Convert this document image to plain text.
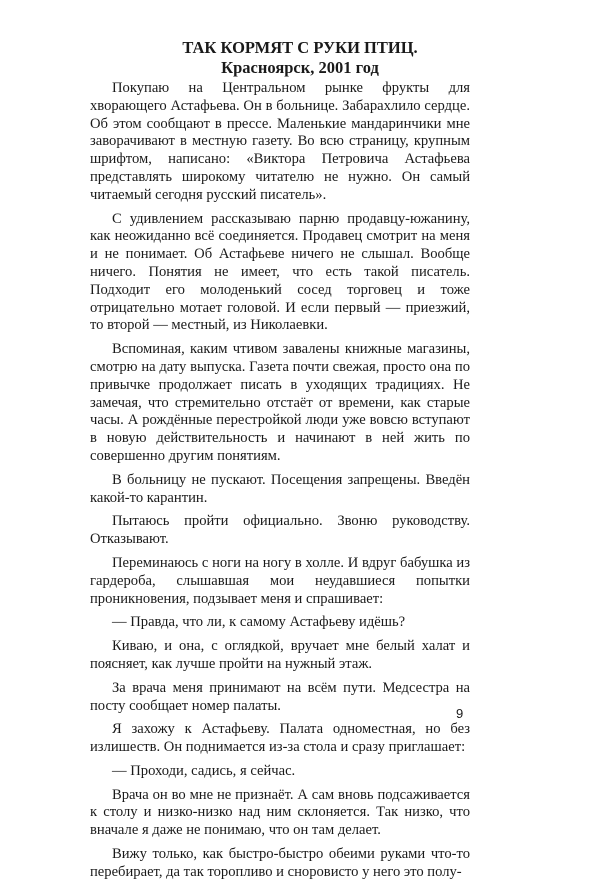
ТАК КОРМЯТ С РУКИ ПТИЦ.
Красноярск, 2001 год

Покупаю на Центральном рынке фрукты для хворающего Астафьева. Он в больнице. Забарахлило сердце. Об этом сообщают в прессе. Маленькие мандаринчики мне заворачивают в местную газету. Во всю страницу, крупным шрифтом, написано: «Виктора Петровича Астафьева представлять широкому читателю не нужно. Он самый читаемый сегодня русский писатель».

С удивлением рассказываю парню продавцу-южанину, как неожиданно всё соединяется. Продавец смотрит на меня и не понимает. Об Астафьеве ничего не слышал. Вообще ничего. Понятия не имеет, что есть такой писатель. Подходит его молоденький сосед торговец и тоже отрицательно мотает головой. И если первый — приезжий, то второй — местный, из Николаевки.

Вспоминая, каким чтивом завалены книжные магазины, смотрю на дату выпуска. Газета почти свежая, просто она по привычке продолжает писать в уходящих традициях. Не замечая, что стремительно отстаёт от времени, как старые часы. А рождённые перестройкой люди уже вовсю вступают в новую действительность и начинают в ней жить по совершенно другим понятиям.

В больницу не пускают. Посещения запрещены. Введён какой-то карантин.

Пытаюсь пройти официально. Звоню руководству. Отказывают.

Переминаюсь с ноги на ногу в холле. И вдруг бабушка из гардероба, слышавшая мои неудавшиеся попытки проникновения, подзывает меня и спрашивает:

— Правда, что ли, к самому Астафьеву идёшь?

Киваю, и она, с оглядкой, вручает мне белый халат и поясняет, как лучше пройти на нужный этаж.

За врача меня принимают на всём пути. Медсестра на посту сообщает номер палаты.

Я захожу к Астафьеву. Палата одноместная, но без излишеств. Он поднимается из-за стола и сразу приглашает:

— Проходи, садись, я сейчас.

Врача он во мне не признаёт. А сам вновь подсаживается к столу и низко-низко над ним склоняется. Так низко, что вначале я даже не понимаю, что он там делает.

Вижу только, как быстро-быстро обеими руками что-то перебирает, да так торопливо и сноровисто у него это полу-

9
